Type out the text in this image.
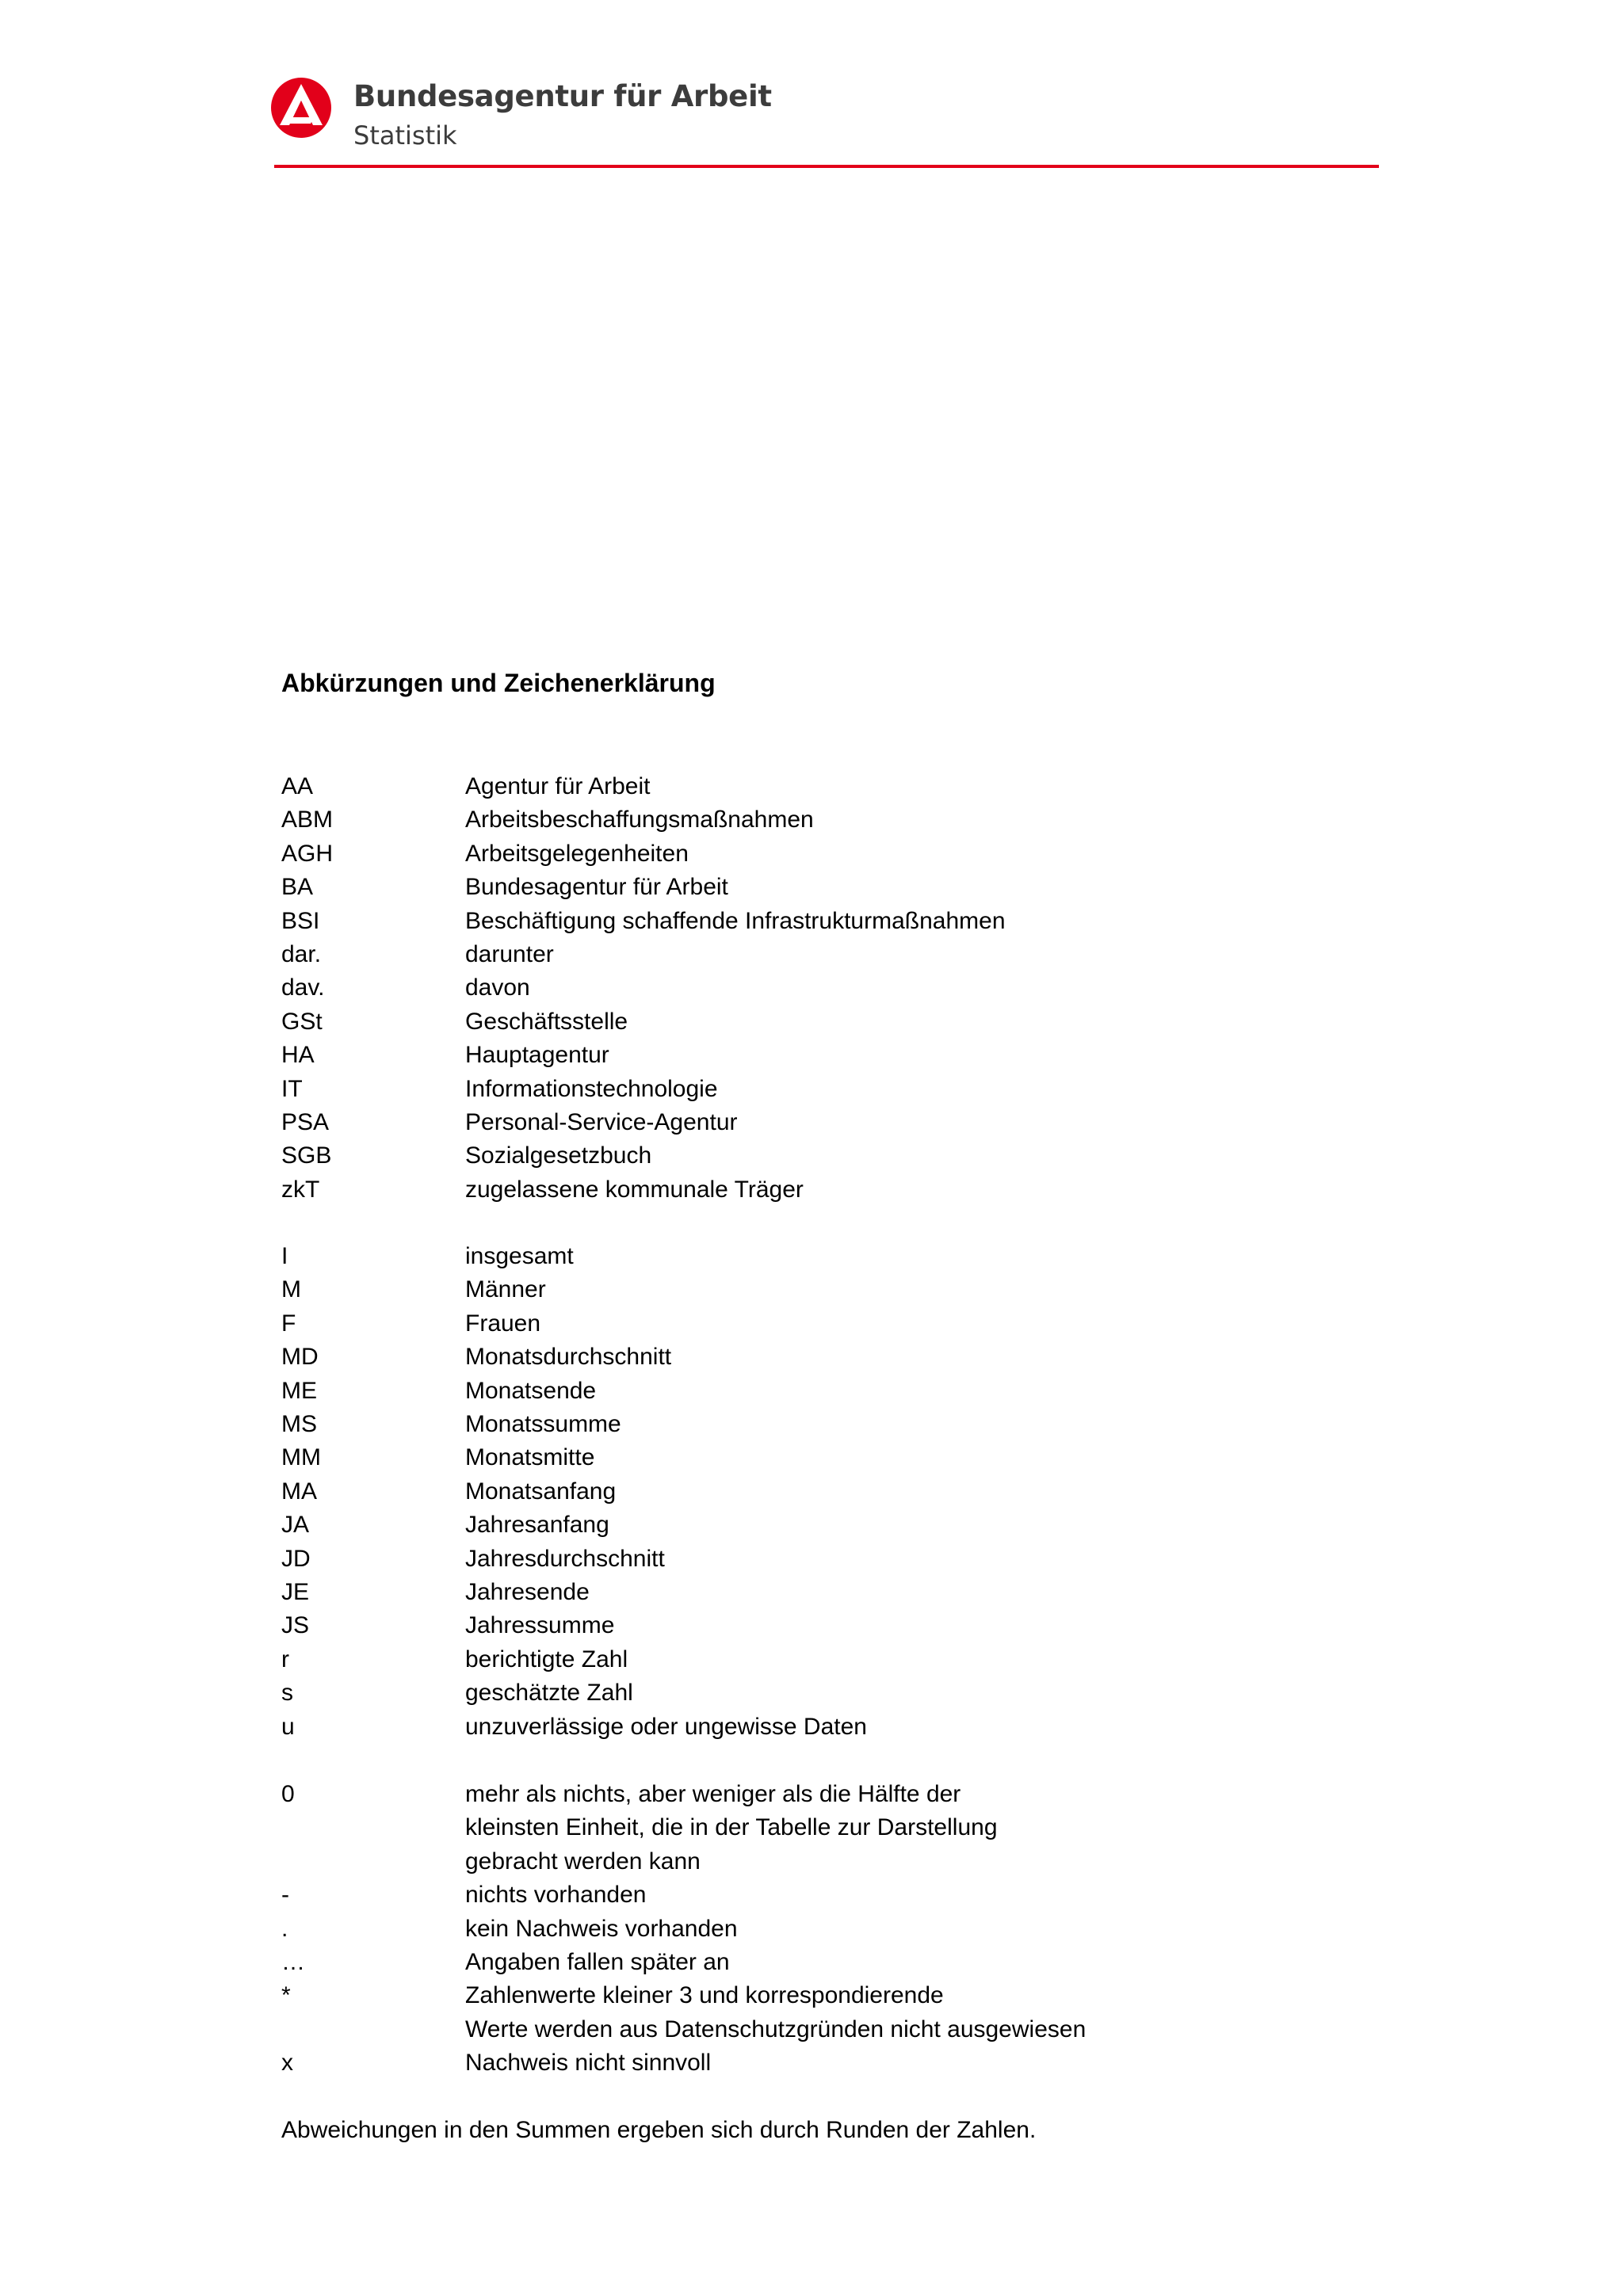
Bundesagentur für Arbeit
Statistik
Abkürzungen und Zeichenerklärung
AA	Agentur für Arbeit
ABM	Arbeitsbeschaffungsmaßnahmen
AGH	Arbeitsgelegenheiten
BA	Bundesagentur für Arbeit
BSI	Beschäftigung schaffende Infrastrukturmaßnahmen
dar.	darunter
dav.	davon
GSt	Geschäftsstelle
HA	Hauptagentur
IT	Informationstechnologie
PSA	Personal-Service-Agentur
SGB	Sozialgesetzbuch
zkT	zugelassene kommunale Träger
I	insgesamt
M	Männer
F	Frauen
MD	Monatsdurchschnitt
ME	Monatsende
MS	Monatssumme
MM	Monatsmitte
MA	Monatsanfang
JA	Jahresanfang
JD	Jahresdurchschnitt
JE	Jahresende
JS	Jahressumme
r	berichtigte Zahl
s	geschätzte Zahl
u	unzuverlässige oder ungewisse Daten
0	mehr als nichts, aber weniger als die Hälfte der
kleinsten Einheit, die in der Tabelle zur Darstellung
gebracht werden kann
-	nichts vorhanden
.	kein Nachweis vorhanden
…	Angaben fallen später an
*	Zahlenwerte kleiner 3 und korrespondierende
Werte werden aus Datenschutzgründen nicht ausgewiesen
x	Nachweis nicht sinnvoll
Abweichungen in den Summen ergeben sich durch Runden der Zahlen.
